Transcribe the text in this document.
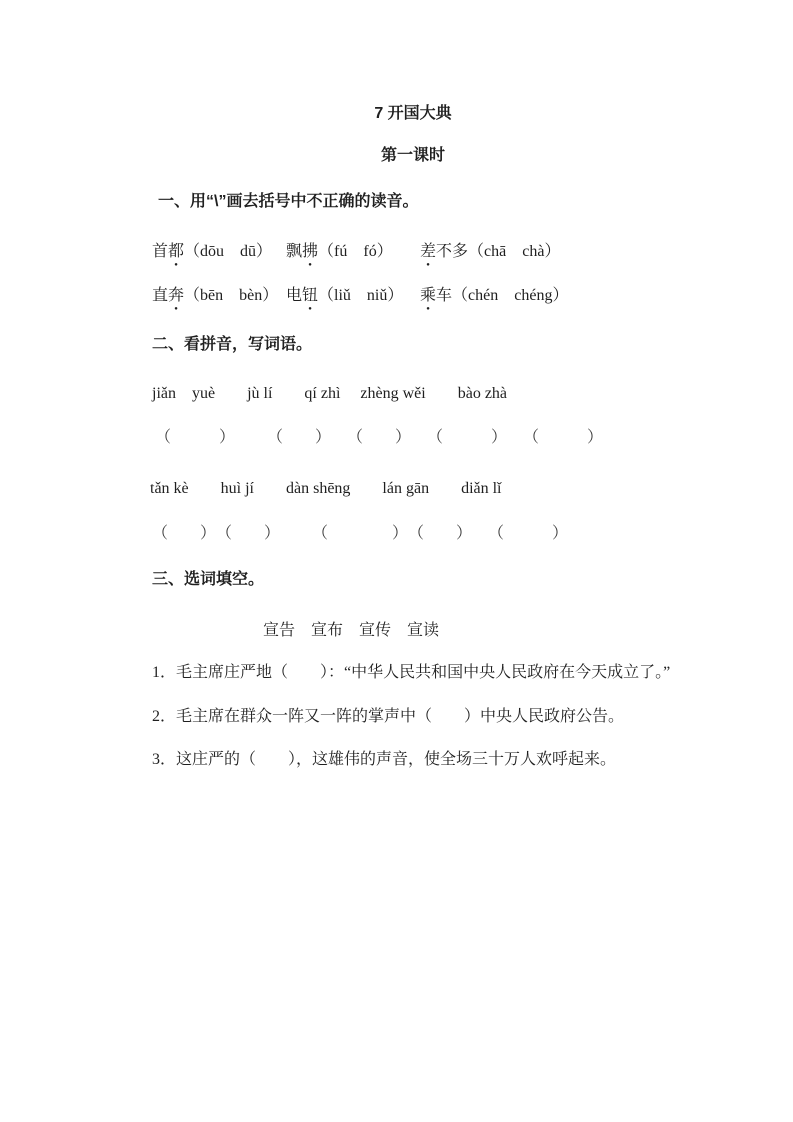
7 开国大典
第一课时
一、用“\”画去括号中不正确的读音。

首都 ●（dōu　dū）

飘拂 ●（fú　fó）

差 ●不多（chā　chà）

直奔 ●（bēn　bèn）

电钮 ●（liǔ　niǔ）

乘 ●车（chén　chéng）

二、看拼音，写词语。
jiǎn　yuè　　jù lí　　qí zhì　 zhèng wěi　　bào zhà
（　　　）　　　（　　）　　（　　）　　（　　　）　　（　　　）
tǎn kè　　huì jí　　dàn shēng　　lán gān　　diǎn lǐ
（　　）　（　　）　　　（　　　　）　（　　）　　（　　　）
三、选词填空。
宣告　宣布　宣传　宣读
1．毛主席庄严地（　　）：“中华人民共和国中央人民政府在今天成立了。”
2．毛主席在群众一阵又一阵的掌声中（　　）中央人民政府公告。
3．这庄严的（　　），这雄伟的声音，使全场三十万人欢呼起来。
